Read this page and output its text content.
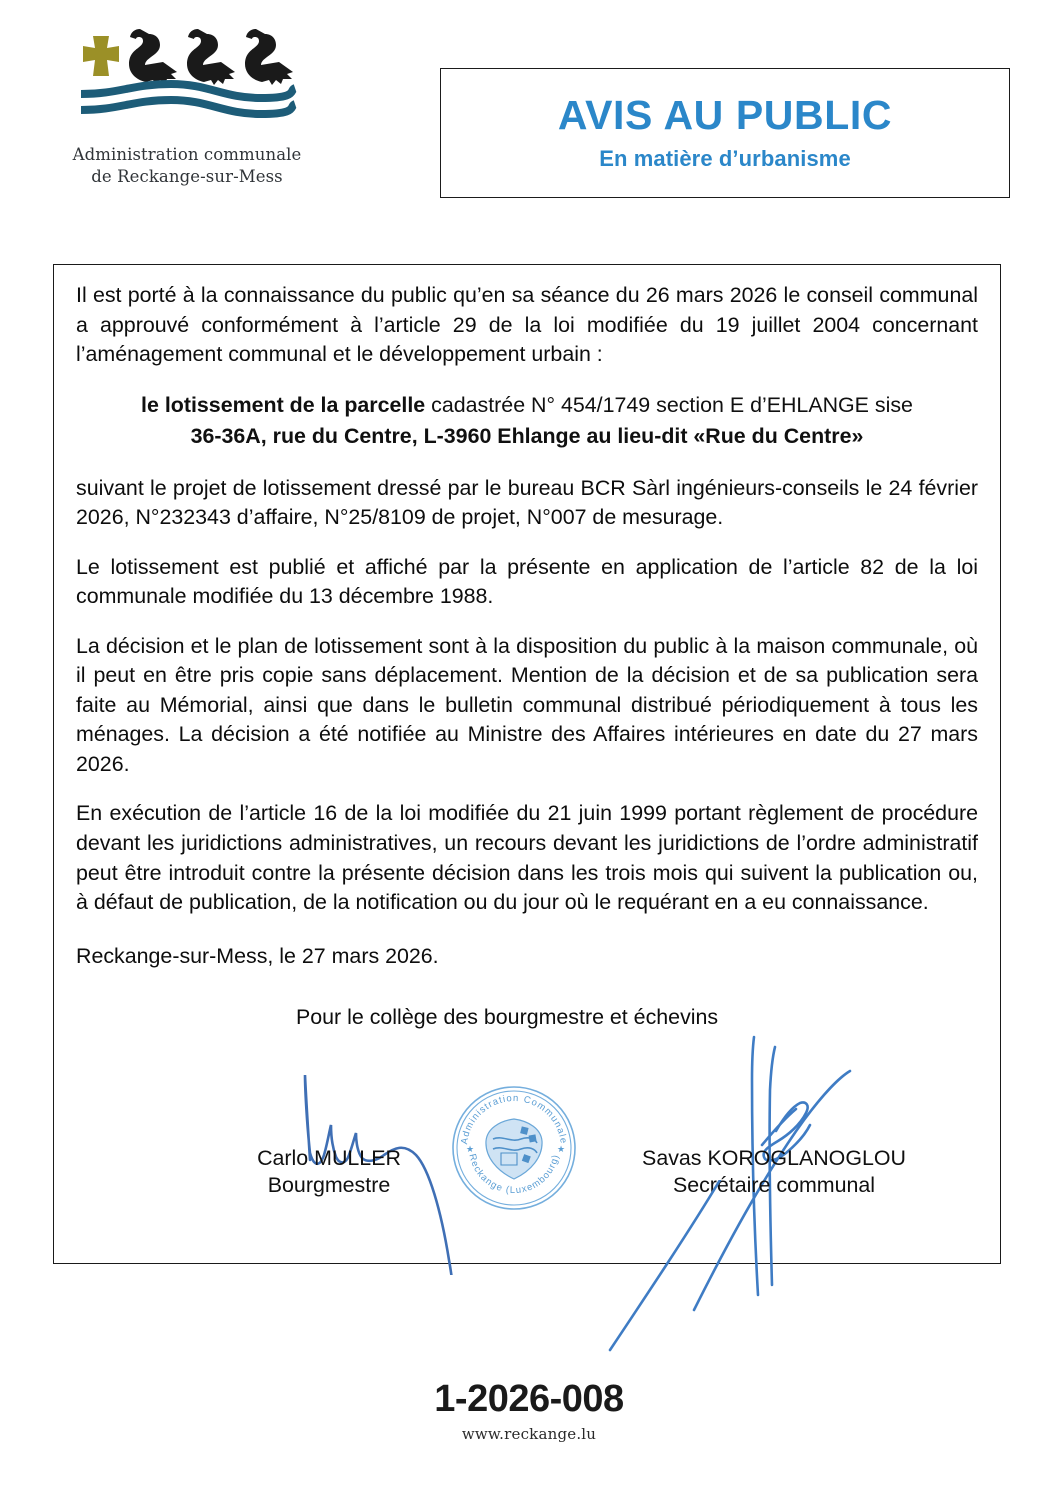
Administration communale
de Reckange-sur-Mess
AVIS AU PUBLIC
En matière d’urbanisme

Il est porté à la connaissance du public qu’en sa séance du 26 mars 2026 le conseil communal a approuvé conformément à l’article 29 de la loi modifiée du 19 juillet 2004 concernant l’aménagement communal et le développement urbain :

le lotissement de la parcelle cadastrée N° 454/1749 section E d’EHLANGE sise
36-36A, rue du Centre, L-3960 Ehlange au lieu-dit «Rue du Centre»

suivant le projet de lotissement dressé par le bureau BCR Sàrl ingénieurs-conseils le 24 février 2026, N°232343 d’affaire, N°25/8109 de projet, N°007 de mesurage.

Le lotissement est publié et affiché par la présente en application de l’article 82 de la loi communale modifiée du 13 décembre 1988.

La décision et le plan de lotissement sont à la disposition du public à la maison communale, où il peut en être pris copie sans déplacement. Mention de la décision et de sa publication sera faite au Mémorial, ainsi que dans le bulletin communal distribué périodiquement à tous les ménages. La décision a été notifiée au Ministre des Affaires intérieures en date du 27 mars 2026.

En exécution de l’article 16 de la loi modifiée du 21 juin 1999 portant règlement de procédure devant les juridictions administratives, un recours devant les juridictions de l’ordre administratif peut être introduit contre la présente décision dans les trois mois qui suivent la publication ou, à défaut de publication, de la notification ou du jour où le requérant en a eu connaissance.

Reckange-sur-Mess, le 27 mars 2026.

Pour le collège des bourgmestre et échevins

Administration Communale
Reckange (Luxembourg)
★	★
Carlo MULLER
Bourgmestre
Savas KOROGLANOGLOU
Secrétaire communal
1-2026-008
www.reckange.lu
